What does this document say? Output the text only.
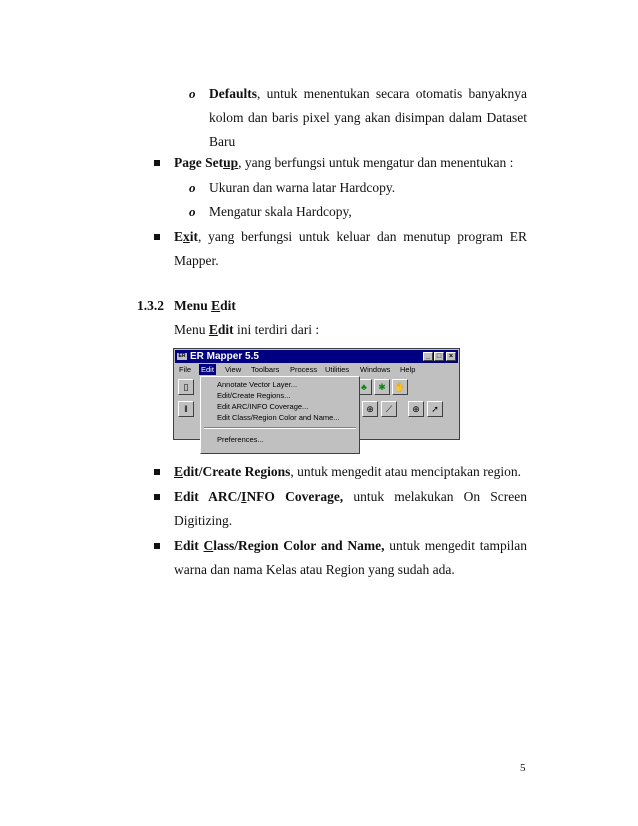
o Defaults, untuk menentukan secara otomatis banyaknya
kolom dan baris pixel yang akan disimpan dalam Dataset
Baru
Page Setup, yang berfungsi untuk mengatur dan menentukan :
o Ukuran dan warna latar Hardcopy.
o Mengatur skala Hardcopy,
Exit, yang berfungsi untuk keluar dan menutup program ER
Mapper.
1.3.2 Menu Edit
Menu Edit ini terdiri dari :
ER ER Mapper 5.5	_ □	×
File Edit View Toolbars Process Utilities Windows Help
▯	♣	✱ ✋
‖	⊕	⟋	⊕	➚
Annotate Vector Layer...
Edit/Create Regions...
Edit ARC/INFO Coverage...
Edit Class/Region Color and Name...
Preferences...
Edit/Create Regions, untuk mengedit atau menciptakan region.
Edit ARC/INFO Coverage, untuk melakukan On Screen
Digitizing.
Edit Class/Region Color and Name, untuk mengedit tampilan
warna dan nama Kelas atau Region yang sudah ada.
5
